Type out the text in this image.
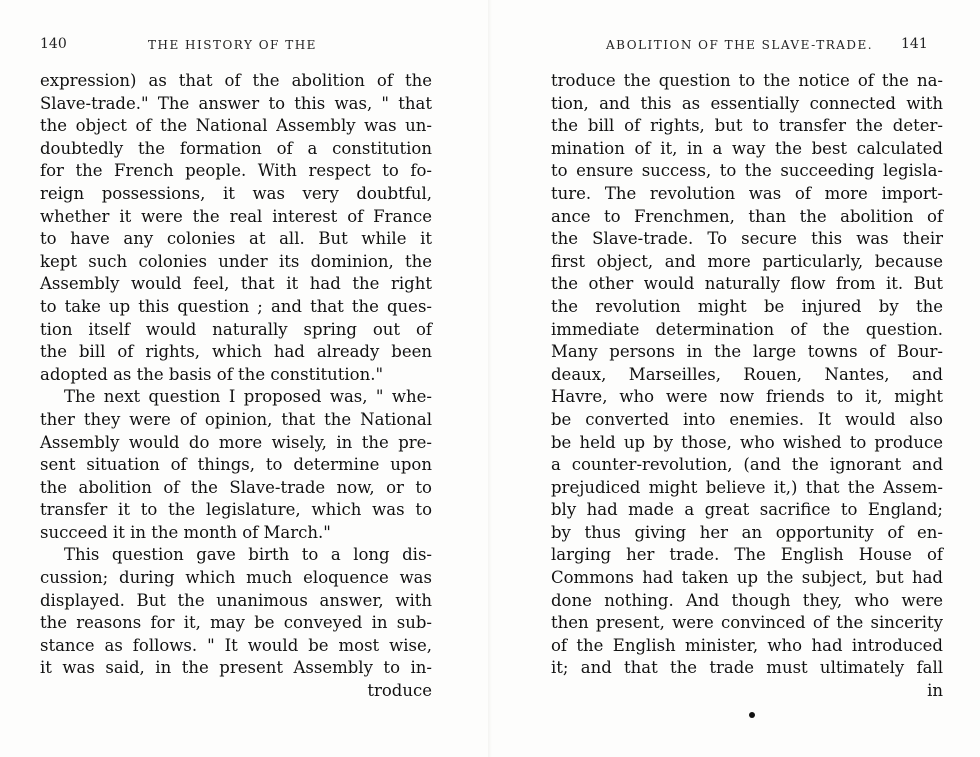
140	THE HISTORY OF THE
expression) as that of the abolition of the
Slave-trade." The answer to this was, " that
the object of the National Assembly was un-
doubtedly the formation of a constitution
for the French people. With respect to fo-
reign possessions, it was very doubtful,
whether it were the real interest of France
to have any colonies at all. But while it
kept such colonies under its dominion, the
Assembly would feel, that it had the right
to take up this question ; and that the ques-
tion itself would naturally spring out of
the bill of rights, which had already been
adopted as the basis of the constitution."
The next question I proposed was, " whe-
ther they were of opinion, that the National
Assembly would do more wisely, in the pre-
sent situation of things, to determine upon
the abolition of the Slave-trade now, or to
transfer it to the legislature, which was to
succeed it in the month of March."
This question gave birth to a long dis-
cussion; during which much eloquence was
displayed. But the unanimous answer, with
the reasons for it, may be conveyed in sub-
stance as follows. " It would be most wise,
it was said, in the present Assembly to in-
troduce
ABOLITION OF THE SLAVE-TRADE. 141
troduce the question to the notice of the na-
tion, and this as essentially connected with
the bill of rights, but to transfer the deter-
mination of it, in a way the best calculated
to ensure success, to the succeeding legisla-
ture. The revolution was of more import-
ance to Frenchmen, than the abolition of
the Slave-trade. To secure this was their
first object, and more particularly, because
the other would naturally flow from it. But
the revolution might be injured by the
immediate determination of the question.
Many persons in the large towns of Bour-
deaux, Marseilles, Rouen, Nantes, and
Havre, who were now friends to it, might
be converted into enemies. It would also
be held up by those, who wished to produce
a counter-revolution, (and the ignorant and
prejudiced might believe it,) that the Assem-
bly had made a great sacrifice to England;
by thus giving her an opportunity of en-
larging her trade. The English House of
Commons had taken up the subject, but had
done nothing. And though they, who were
then present, were convinced of the sincerity
of the English minister, who had introduced
it; and that the trade must ultimately fall
in
